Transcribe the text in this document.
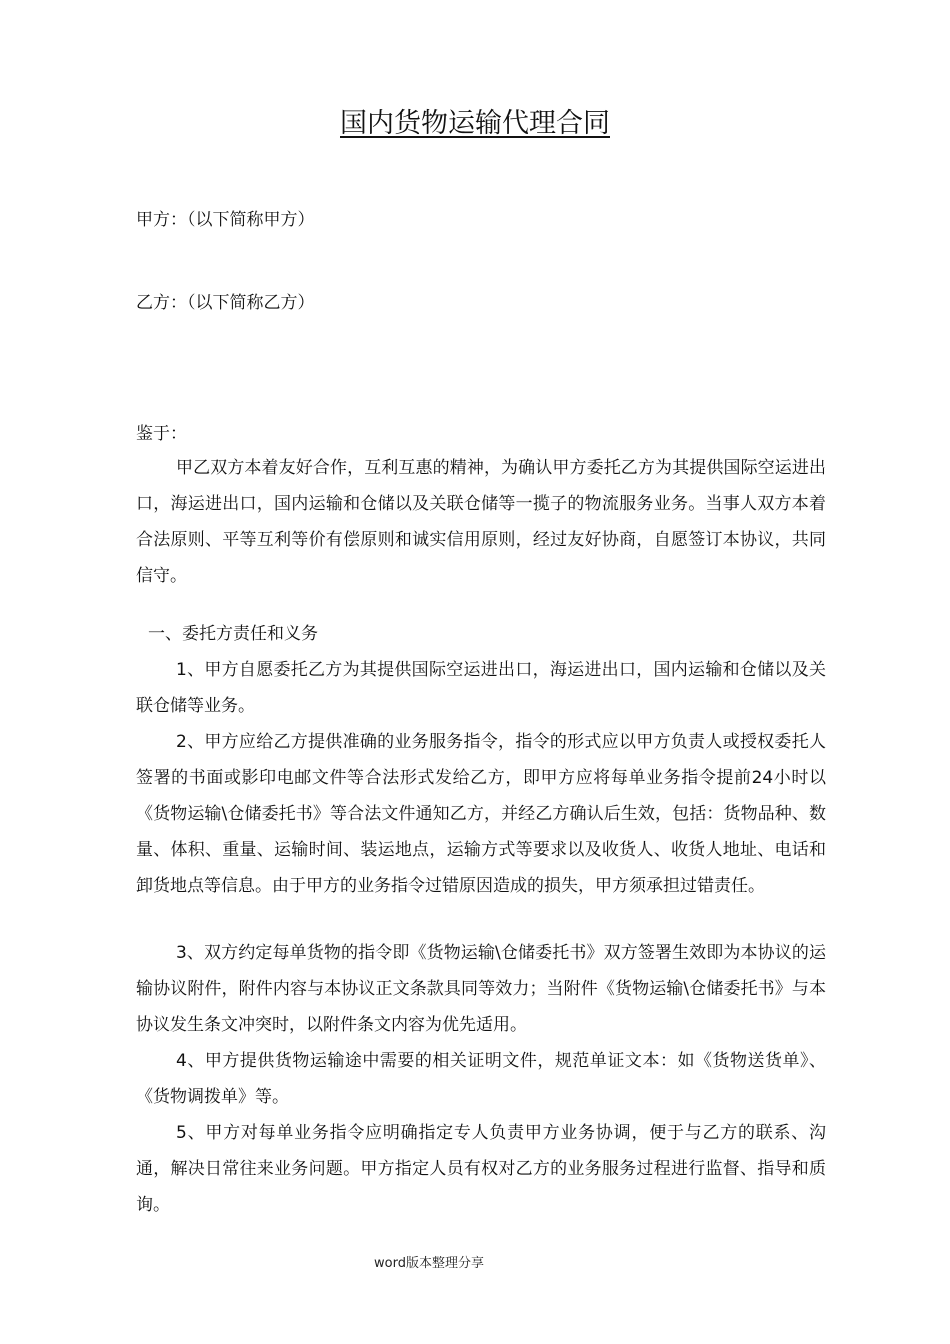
国内货物运输代理合同
甲方：（以下简称甲方）
乙方：（以下简称乙方）
鉴于：
甲乙双方本着友好合作，互利互惠的精神，为确认甲方委托乙方为其提供国际空运进出口，海运进出口，国内运输和仓储以及关联仓储等一揽子的物流服务业务。当事人双方本着合法原则、平等互利等价有偿原则和诚实信用原则，经过友好协商，自愿签订本协议，共同信守。
一、委托方责任和义务
1、甲方自愿委托乙方为其提供国际空运进出口，海运进出口，国内运输和仓储以及关联仓储等业务。
2、甲方应给乙方提供准确的业务服务指令，指令的形式应以甲方负责人或授权委托人签署的书面或影印电邮文件等合法形式发给乙方，即甲方应将每单业务指令提前24小时以《货物运输\仓储委托书》等合法文件通知乙方，并经乙方确认后生效，包括：货物品种、数量、体积、重量、运输时间、装运地点，运输方式等要求以及收货人、收货人地址、电话和卸货地点等信息。由于甲方的业务指令过错原因造成的损失，甲方须承担过错责任。
3、双方约定每单货物的指令即《货物运输\仓储委托书》双方签署生效即为本协议的运输协议附件，附件内容与本协议正文条款具同等效力；当附件《货物运输\仓储委托书》与本协议发生条文冲突时，以附件条文内容为优先适用。
4、甲方提供货物运输途中需要的相关证明文件，规范单证文本：如《货物送货单》、《货物调拨单》等。
5、甲方对每单业务指令应明确指定专人负责甲方业务协调，便于与乙方的联系、沟通，解决日常往来业务问题。甲方指定人员有权对乙方的业务服务过程进行监督、指导和质询。
word版本整理分享
